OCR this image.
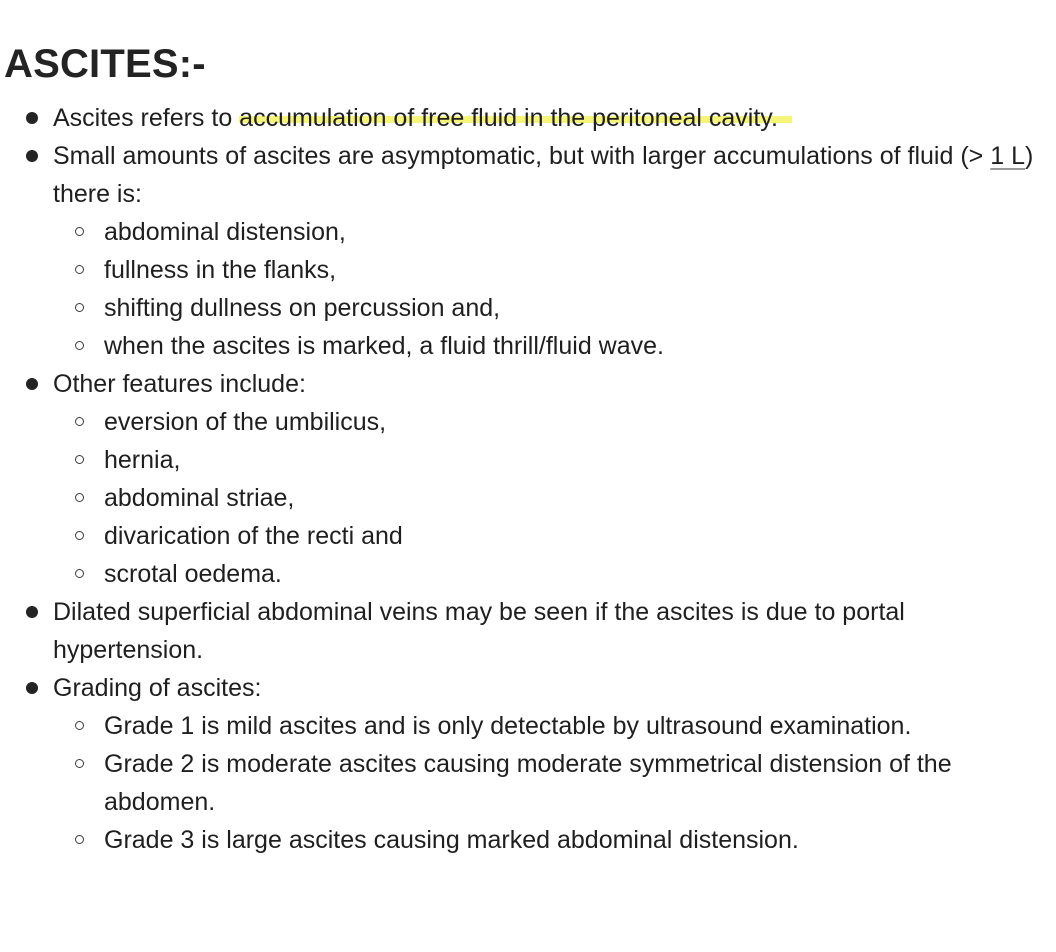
ASCITES:-
Ascites refers to accumulation of free fluid in the peritoneal cavity.
Small amounts of ascites are asymptomatic, but with larger accumulations of fluid (> 1 L) there is:
abdominal distension,
fullness in the flanks,
shifting dullness on percussion and,
when the ascites is marked, a fluid thrill/fluid wave.
Other features include:
eversion of the umbilicus,
hernia,
abdominal striae,
divarication of the recti and
scrotal oedema.
Dilated superficial abdominal veins may be seen if the ascites is due to portal hypertension.
Grading of ascites:
Grade 1 is mild ascites and is only detectable by ultrasound examination.
Grade 2 is moderate ascites causing moderate symmetrical distension of the abdomen.
Grade 3 is large ascites causing marked abdominal distension.
